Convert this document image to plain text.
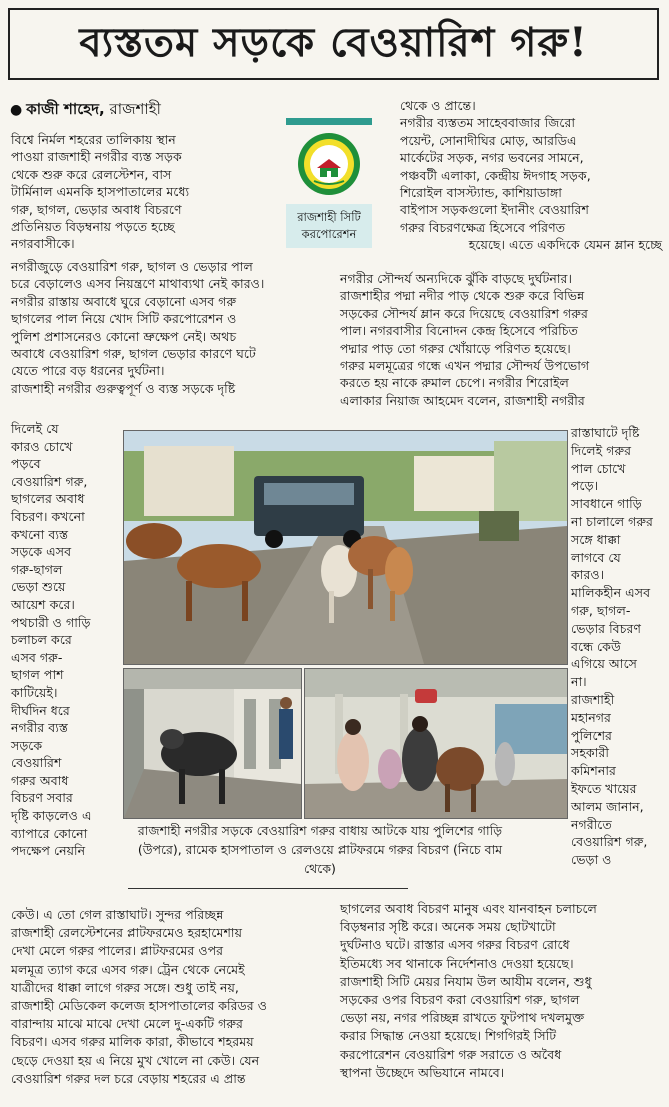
ব্যস্ততম সড়কে বেওয়ারিশ গরু!
● কাজী শাহেদ, রাজশাহী
বিশ্বে নির্মল শহরের তালিকায় স্থান
পাওয়া রাজশাহী নগরীর ব্যস্ত সড়ক
থেকে শুরু করে রেলস্টেশন, বাস
টার্মিনাল এমনকি হাসপাতালের মধ্যে
গরু, ছাগল, ভেড়ার অবাধ বিচরণে
প্রতিনিয়ত বিড়ম্বনায় পড়তে হচ্ছে
নগরবাসীকে।
রাজশাহী সিটি
করপোরেশন
থেকে ও প্রান্তে।
নগরীর ব্যস্ততম সাহেববাজার জিরো
পয়েন্ট, সোনাদীঘির মোড়, আরডিএ
মার্কেটের সড়ক, নগর ভবনের সামনে,
পঞ্চবটী এলাকা, কেন্দ্রীয় ঈদগাহ সড়ক,
শিরোইল বাসস্ট্যান্ড, কাশিয়াডাঙ্গা
বাইপাস সড়কগুলো ইদানীং বেওয়ারিশ
গরুর বিচরণক্ষেত্র হিসেবে পরিণত
হয়েছে। এতে একদিকে যেমন ম্লান হচ্ছে
নগরীজুড়ে বেওয়ারিশ গরু, ছাগল ও ভেড়ার পাল
চরে বেড়ালেও এসব নিয়ন্ত্রণে মাথাব্যথা নেই কারও।
নগরীর রাস্তায় অবাধে ঘুরে বেড়ানো এসব গরু
ছাগলের পাল নিয়ে খোদ সিটি করপোরেশন ও
পুলিশ প্রশাসনেরও কোনো ভ্রুক্ষেপ নেই। অথচ
অবাধে বেওয়ারিশ গরু, ছাগল ভেড়ার কারণে ঘটে
যেতে পারে বড় ধরনের দুর্ঘটনা।
রাজশাহী নগরীর গুরুত্বপূর্ণ ও ব্যস্ত সড়কে দৃষ্টি
নগরীর সৌন্দর্য অন্যদিকে ঝুঁকি বাড়ছে দুর্ঘটনার।
রাজশাহীর পদ্মা নদীর পাড় থেকে শুরু করে বিভিন্ন
সড়কের সৌন্দর্য ম্লান করে দিয়েছে বেওয়ারিশ গরুর
পাল। নগরবাসীর বিনোদন কেন্দ্র হিসেবে পরিচিত
পদ্মার পাড় তো গরুর খোঁয়াড়ে পরিণত হয়েছে।
গরুর মলমূত্রের গন্ধে এখন পদ্মার সৌন্দর্য উপভোগ
করতে হয় নাকে রুমাল চেপে। নগরীর শিরোইল
এলাকার নিয়াজ আহমেদ বলেন, রাজশাহী নগরীর
দিলেই যে
কারও চোখে
পড়বে
বেওয়ারিশ গরু,
ছাগলের অবাধ
বিচরণ। কখনো
কখনো ব্যস্ত
সড়কে এসব
গরু-ছাগল
ভেড়া শুয়ে
আয়েশ করে।
পথচারী ও গাড়ি
চলাচল করে
এসব গরু-
ছাগল পাশ
কাটিয়েই।
দীর্ঘদিন ধরে
নগরীর ব্যস্ত
সড়কে
বেওয়ারিশ
গরুর অবাধ
বিচরণ সবার
দৃষ্টি কাড়লেও এ
ব্যাপারে কোনো
পদক্ষেপ নেয়নি
রাস্তাঘাটে দৃষ্টি
দিলেই গরুর
পাল চোখে
পড়ে।
সাবধানে গাড়ি
না চালালে গরুর
সঙ্গে ধাক্কা
লাগবে যে
কারও।
মালিকহীন এসব
গরু, ছাগল-
ভেড়ার বিচরণ
বন্ধে কেউ
এগিয়ে আসে
না।
রাজশাহী
মহানগর
পুলিশের
সহকারী
কমিশনার
ইফতে খায়ের
আলম জানান,
নগরীতে
বেওয়ারিশ গরু,
ভেড়া ও
রাজশাহী নগরীর সড়কে বেওয়ারিশ গরুর বাধায় আটকে যায় পুলিশের গাড়ি (উপরে), রামেক হাসপাতাল ও রেলওয়ে প্লাটফরমে গরুর বিচরণ (নিচে বাম থেকে)
কেউ। এ তো গেল রাস্তাঘাট। সুন্দর পরিচ্ছন্ন
রাজশাহী রেলস্টেশনের প্লাটফরমেও হরহামেশায়
দেখা মেলে গরুর পালের। প্লাটফরমের ওপর
মলমূত্র ত্যাগ করে এসব গরু। ট্রেন থেকে নেমেই
যাত্রীদের ধাক্কা লাগে গরুর সঙ্গে। শুধু তাই নয়,
রাজশাহী মেডিকেল কলেজ হাসপাতালের করিডর ও
বারান্দায় মাঝে মাঝে দেখা মেলে দু-একটি গরুর
বিচরণ। এসব গরুর মালিক কারা, কীভাবে শহরময়
ছেড়ে দেওয়া হয় এ নিয়ে মুখ খোলে না কেউ। যেন
বেওয়ারিশ গরুর দল চরে বেড়ায় শহরের এ প্রান্ত
ছাগলের অবাধ বিচরণ মানুষ এবং যানবাহন চলাচলে
বিড়ম্বনার সৃষ্টি করে। অনেক সময় ছোটখাটো
দুর্ঘটনাও ঘটে। রাস্তার এসব গরুর বিচরণ রোধে
ইতিমধ্যে সব থানাকে নির্দেশনাও দেওয়া হয়েছে।
রাজশাহী সিটি মেয়র নিযাম উল আযীম বলেন, শুধু
সড়কের ওপর বিচরণ করা বেওয়ারিশ গরু, ছাগল
ভেড়া নয়, নগর পরিচ্ছন্ন রাখতে ফুটপাথ দখলমুক্ত
করার সিদ্ধান্ত নেওয়া হয়েছে। শিগগিরই সিটি
করপোরেশন বেওয়ারিশ গরু সরাতে ও অবৈধ
স্থাপনা উচ্ছেদে অভিযানে নামবে।
